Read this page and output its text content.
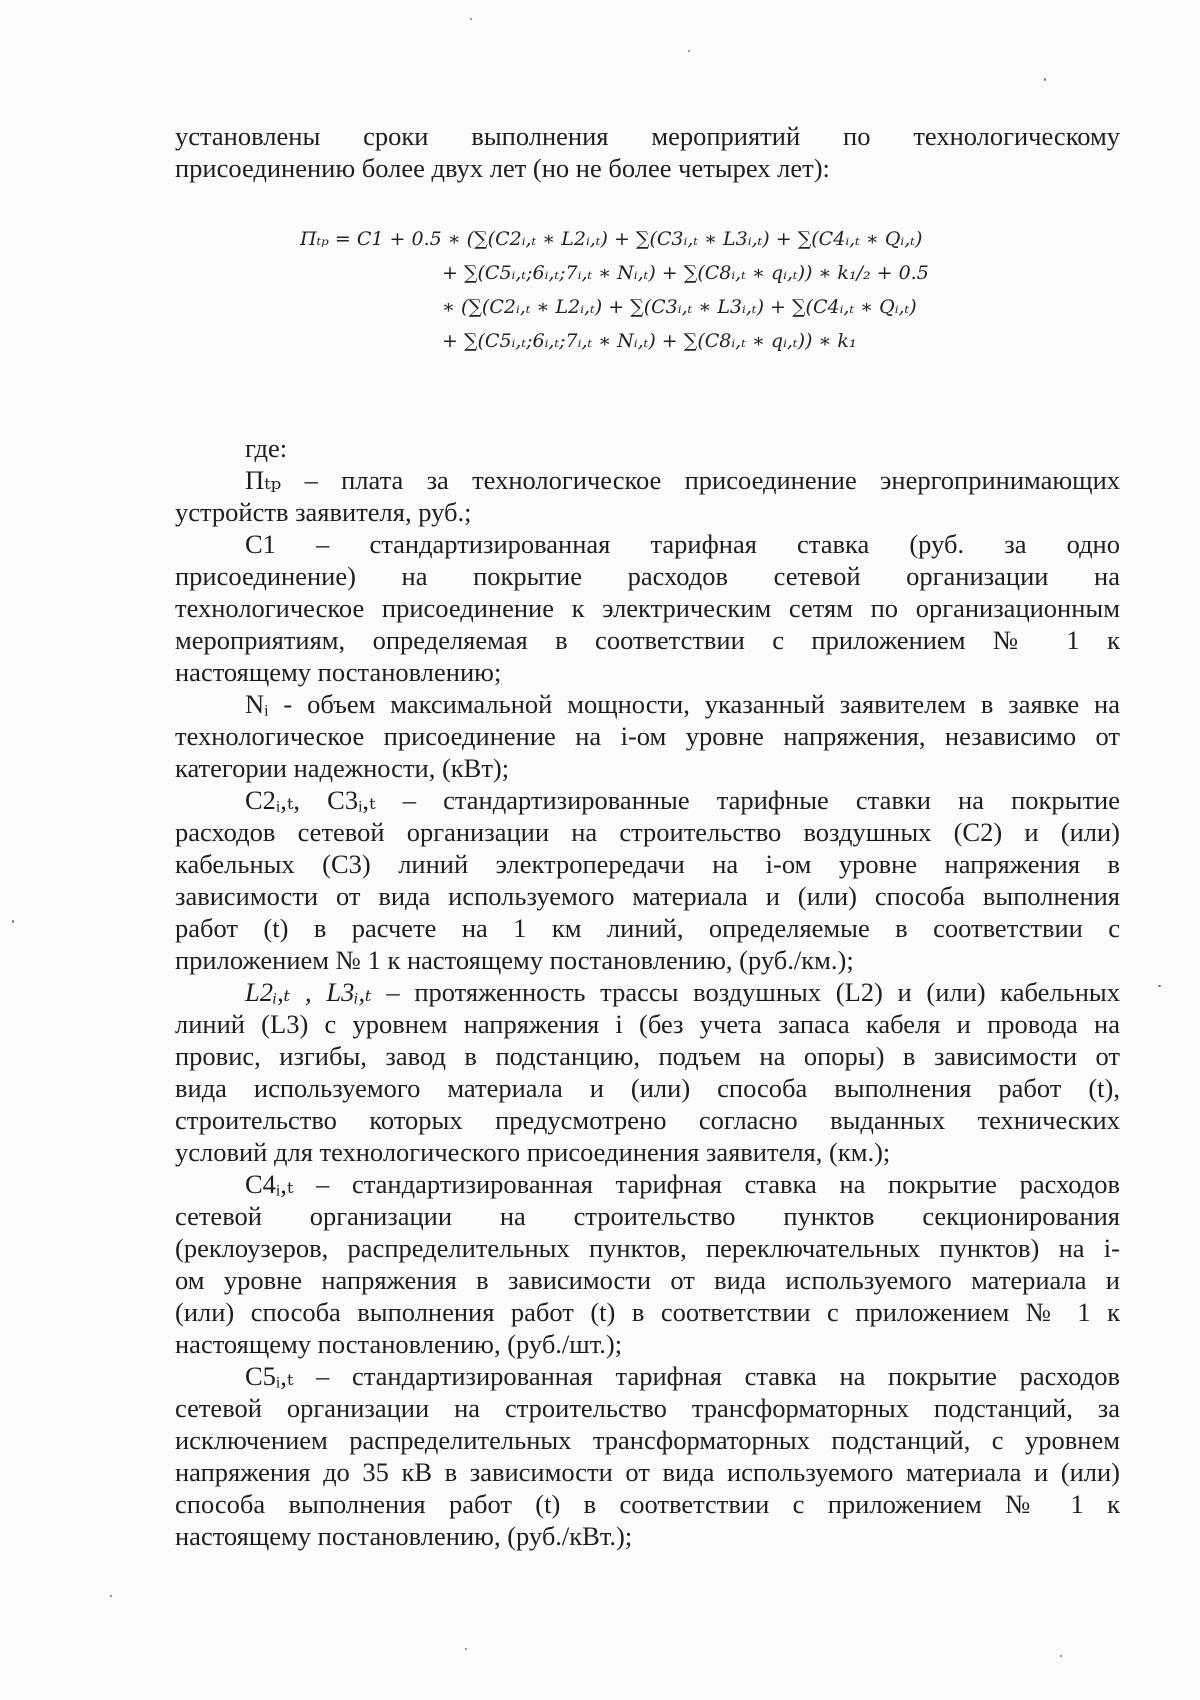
установлены сроки выполнения мероприятий по технологическому

присоединению более двух лет (но не более четырех лет):

Пₜₚ = C1 + 0.5 ∗ (∑(C2ᵢ,ₜ ∗ L2ᵢ,ₜ) + ∑(C3ᵢ,ₜ ∗ L3ᵢ,ₜ) + ∑(C4ᵢ,ₜ ∗ Qᵢ,ₜ)
+ ∑(C5ᵢ,ₜ;6ᵢ,ₜ;7ᵢ,ₜ ∗ Nᵢ,ₜ) + ∑(C8ᵢ,ₜ ∗ qᵢ,ₜ)) ∗ k₁/₂ + 0.5
∗ (∑(C2ᵢ,ₜ ∗ L2ᵢ,ₜ) + ∑(C3ᵢ,ₜ ∗ L3ᵢ,ₜ) + ∑(C4ᵢ,ₜ ∗ Qᵢ,ₜ)
+ ∑(C5ᵢ,ₜ;6ᵢ,ₜ;7ᵢ,ₜ ∗ Nᵢ,ₜ) + ∑(C8ᵢ,ₜ ∗ qᵢ,ₜ)) ∗ k₁

где:

Пₜₚ – плата за технологическое присоединение энергопринимающих

устройств заявителя, руб.;

С1 – стандартизированная тарифная ставка (руб. за одно

присоединение) на покрытие расходов сетевой организации на

технологическое присоединение к электрическим сетям по организационным

мероприятиям, определяемая в соответствии с приложением № 1 к

настоящему постановлению;

Nᵢ - объем максимальной мощности, указанный заявителем в заявке на

технологическое присоединение на i-ом уровне напряжения, независимо от

категории надежности, (кВт);

С2ᵢ,ₜ, С3ᵢ,ₜ – стандартизированные тарифные ставки на покрытие

расходов сетевой организации на строительство воздушных (С2) и (или)

кабельных (С3) линий электропередачи на i-ом уровне напряжения в

зависимости от вида используемого материала и (или) способа выполнения

работ (t) в расчете на 1 км линий, определяемые в соответствии с

приложением № 1 к настоящему постановлению, (руб./км.);

L2ᵢ,ₜ , L3ᵢ,ₜ – протяженность трассы воздушных (L2) и (или) кабельных

линий (L3) с уровнем напряжения i (без учета запаса кабеля и провода на

провис, изгибы, завод в подстанцию, подъем на опоры) в зависимости от

вида используемого материала и (или) способа выполнения работ (t),

строительство которых предусмотрено согласно выданных технических

условий для технологического присоединения заявителя, (км.);

С4ᵢ,ₜ – стандартизированная тарифная ставка на покрытие расходов

сетевой организации на строительство пунктов секционирования

(реклоузеров, распределительных пунктов, переключательных пунктов) на i-

ом уровне напряжения в зависимости от вида используемого материала и

(или) способа выполнения работ (t) в соответствии с приложением № 1 к

настоящему постановлению, (руб./шт.);

С5ᵢ,ₜ – стандартизированная тарифная ставка на покрытие расходов

сетевой организации на строительство трансформаторных подстанций, за

исключением распределительных трансформаторных подстанций, с уровнем

напряжения до 35 кВ в зависимости от вида используемого материала и (или)

способа выполнения работ (t) в соответствии с приложением № 1 к

настоящему постановлению, (руб./кВт.);
